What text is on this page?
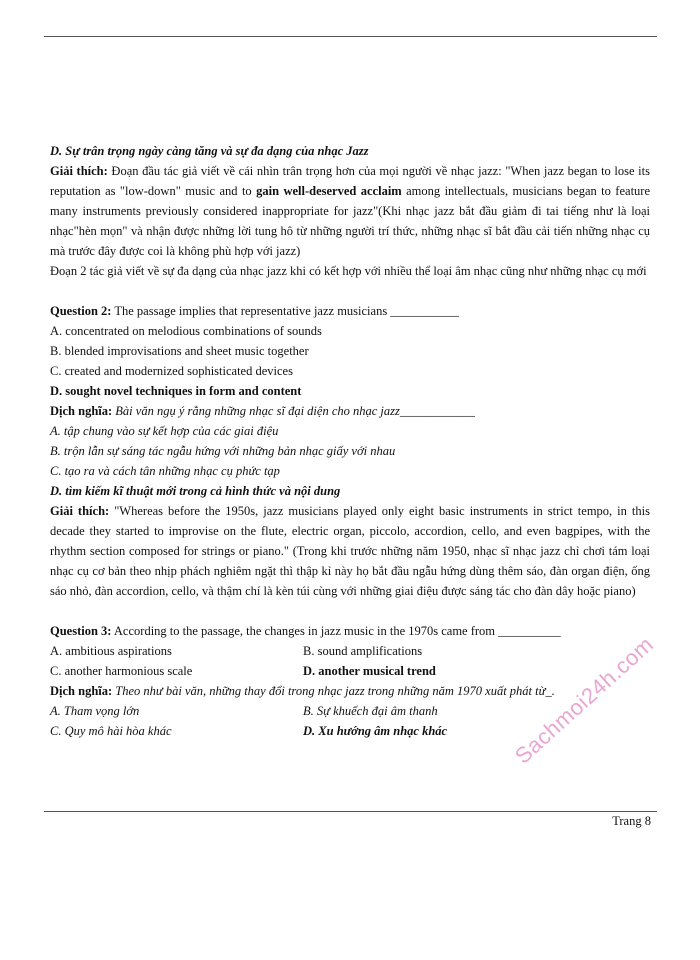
D. Sự trân trọng ngày càng tăng và sự đa dạng của nhạc Jazz

Giải thích: Đoạn đầu tác giả viết về cái nhìn trân trọng hơn của mọi người về nhạc jazz: "When jazz began to lose its reputation as "low-down" music and to gain well-deserved acclaim among intellectuals, musicians began to feature many instruments previously considered inappropriate for jazz"(Khi nhạc jazz bắt đầu giảm đi tai tiếng như là loại nhạc"hèn mọn" và nhận được những lời tung hô từ những người trí thức, những nhạc sĩ bắt đầu cải tiến những nhạc cụ mà trước đây được coi là không phù hợp với jazz)

Đoạn 2 tác giả viết về sự đa dạng của nhạc jazz khi có kết hợp với nhiều thể loại âm nhạc cũng như những nhạc cụ mới

Question 2: The passage implies that representative jazz musicians ___________

A. concentrated on melodious combinations of sounds

B. blended improvisations and sheet music together

C. created and modernized sophisticated devices

D. sought novel techniques in form and content

Dịch nghĩa: Bài văn ngụ ý rằng những nhạc sĩ đại diện cho nhạc jazz____________

A. tập chung vào sự kết hợp của các giai điệu

B. trộn lẫn sự sáng tác ngẫu hứng với những bản nhạc giấy với nhau

C. tạo ra và cách tân những nhạc cụ phức tạp

D. tìm kiếm kĩ thuật mới trong cả hình thức và nội dung

Giải thích: "Whereas before the 1950s, jazz musicians played only eight basic instruments in strict tempo, in this decade they started to improvise on the flute, electric organ, piccolo, accordion, cello, and even bagpipes, with the rhythm section composed for strings or piano." (Trong khi trước những năm 1950, nhạc sĩ nhạc jazz chỉ chơi tám loại nhạc cụ cơ bản theo nhịp phách nghiêm ngặt thì thập kỉ này họ bắt đầu ngẫu hứng dùng thêm sáo, đàn organ điện, ống sáo nhỏ, đàn accordion, cello, và thậm chí là kèn túi cùng với những giai điệu được sáng tác cho đàn dây hoặc piano)

Question 3: According to the passage, the changes in jazz music in the 1970s came from __________

A. ambitious aspirations	B. sound amplifications

C. another harmonious scale	D. another musical trend

Dịch nghĩa: Theo như bài văn, những thay đổi trong nhạc jazz trong những năm 1970 xuất phát từ_.

A. Tham vọng lớn	B. Sự khuếch đại âm thanh

C. Quy mô hài hòa khác	D. Xu hướng âm nhạc khác

Trang 8
Sachmoi24h.com
